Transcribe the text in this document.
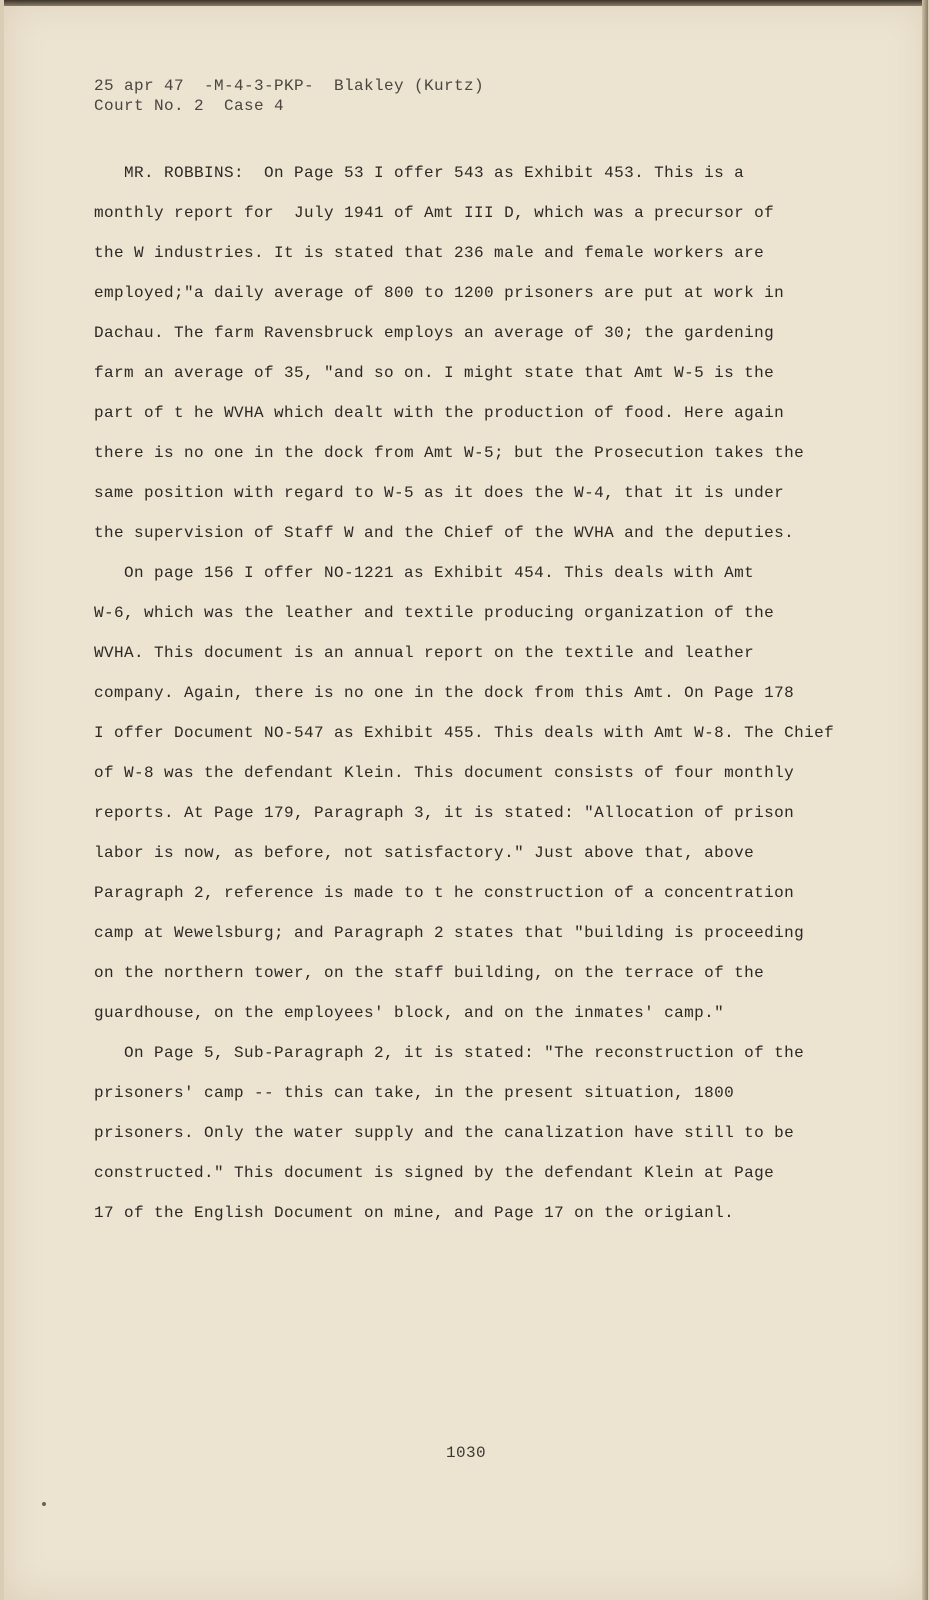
25 apr 47  -M-4-3-PKP-  Blakley (Kurtz)
Court No. 2  Case 4
MR. ROBBINS:  On Page 53 I offer 543 as Exhibit 453. This is a
monthly report for  July 1941 of Amt III D, which was a precursor of
the W industries. It is stated that 236 male and female workers are
employed;"a daily average of 800 to 1200 prisoners are put at work in
Dachau. The farm Ravensbruck employs an average of 30; the gardening
farm an average of 35, "and so on. I might state that Amt W-5 is the
part of t he WVHA which dealt with the production of food. Here again
there is no one in the dock from Amt W-5; but the Prosecution takes the
same position with regard to W-5 as it does the W-4, that it is under
the supervision of Staff W and the Chief of the WVHA and the deputies.
On page 156 I offer NO-1221 as Exhibit 454. This deals with Amt
W-6, which was the leather and textile producing organization of the
WVHA. This document is an annual report on the textile and leather
company. Again, there is no one in the dock from this Amt. On Page 178
I offer Document NO-547 as Exhibit 455. This deals with Amt W-8. The Chief
of W-8 was the defendant Klein. This document consists of four monthly
reports. At Page 179, Paragraph 3, it is stated: "Allocation of prison
labor is now, as before, not satisfactory." Just above that, above
Paragraph 2, reference is made to t he construction of a concentration
camp at Wewelsburg; and Paragraph 2 states that "building is proceeding
on the northern tower, on the staff building, on the terrace of the
guardhouse, on the employees' block, and on the inmates' camp."
On Page 5, Sub-Paragraph 2, it is stated: "The reconstruction of the
prisoners' camp -- this can take, in the present situation, 1800
prisoners. Only the water supply and the canalization have still to be
constructed." This document is signed by the defendant Klein at Page
17 of the English Document on mine, and Page 17 on the origianl.
1030
